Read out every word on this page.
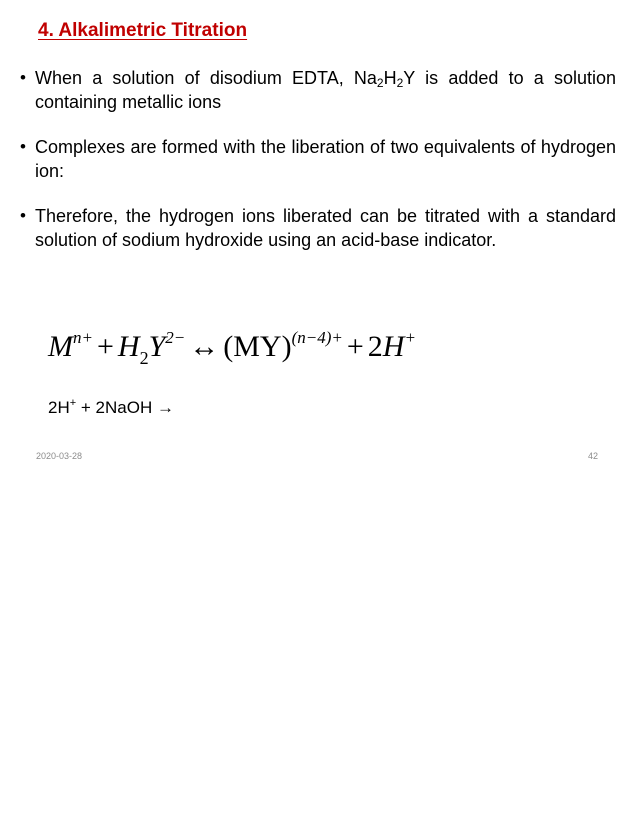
4. Alkalimetric Titration
• When a solution of disodium EDTA, $Na_2H_2Y$ is added to a solution containing metallic ions
• Complexes are formed with the liberation of two equivalents of hydrogen ion:
• Therefore, the hydrogen ions liberated can be titrated with a standard solution of sodium hydroxide using an acid-base indicator.
$M^{n+} + H_2Y^{2-}$ ↔ (MY)$^{(n-4)+}$ + 2H+
2H+ + 2NaOH →
2020-03-28	42
